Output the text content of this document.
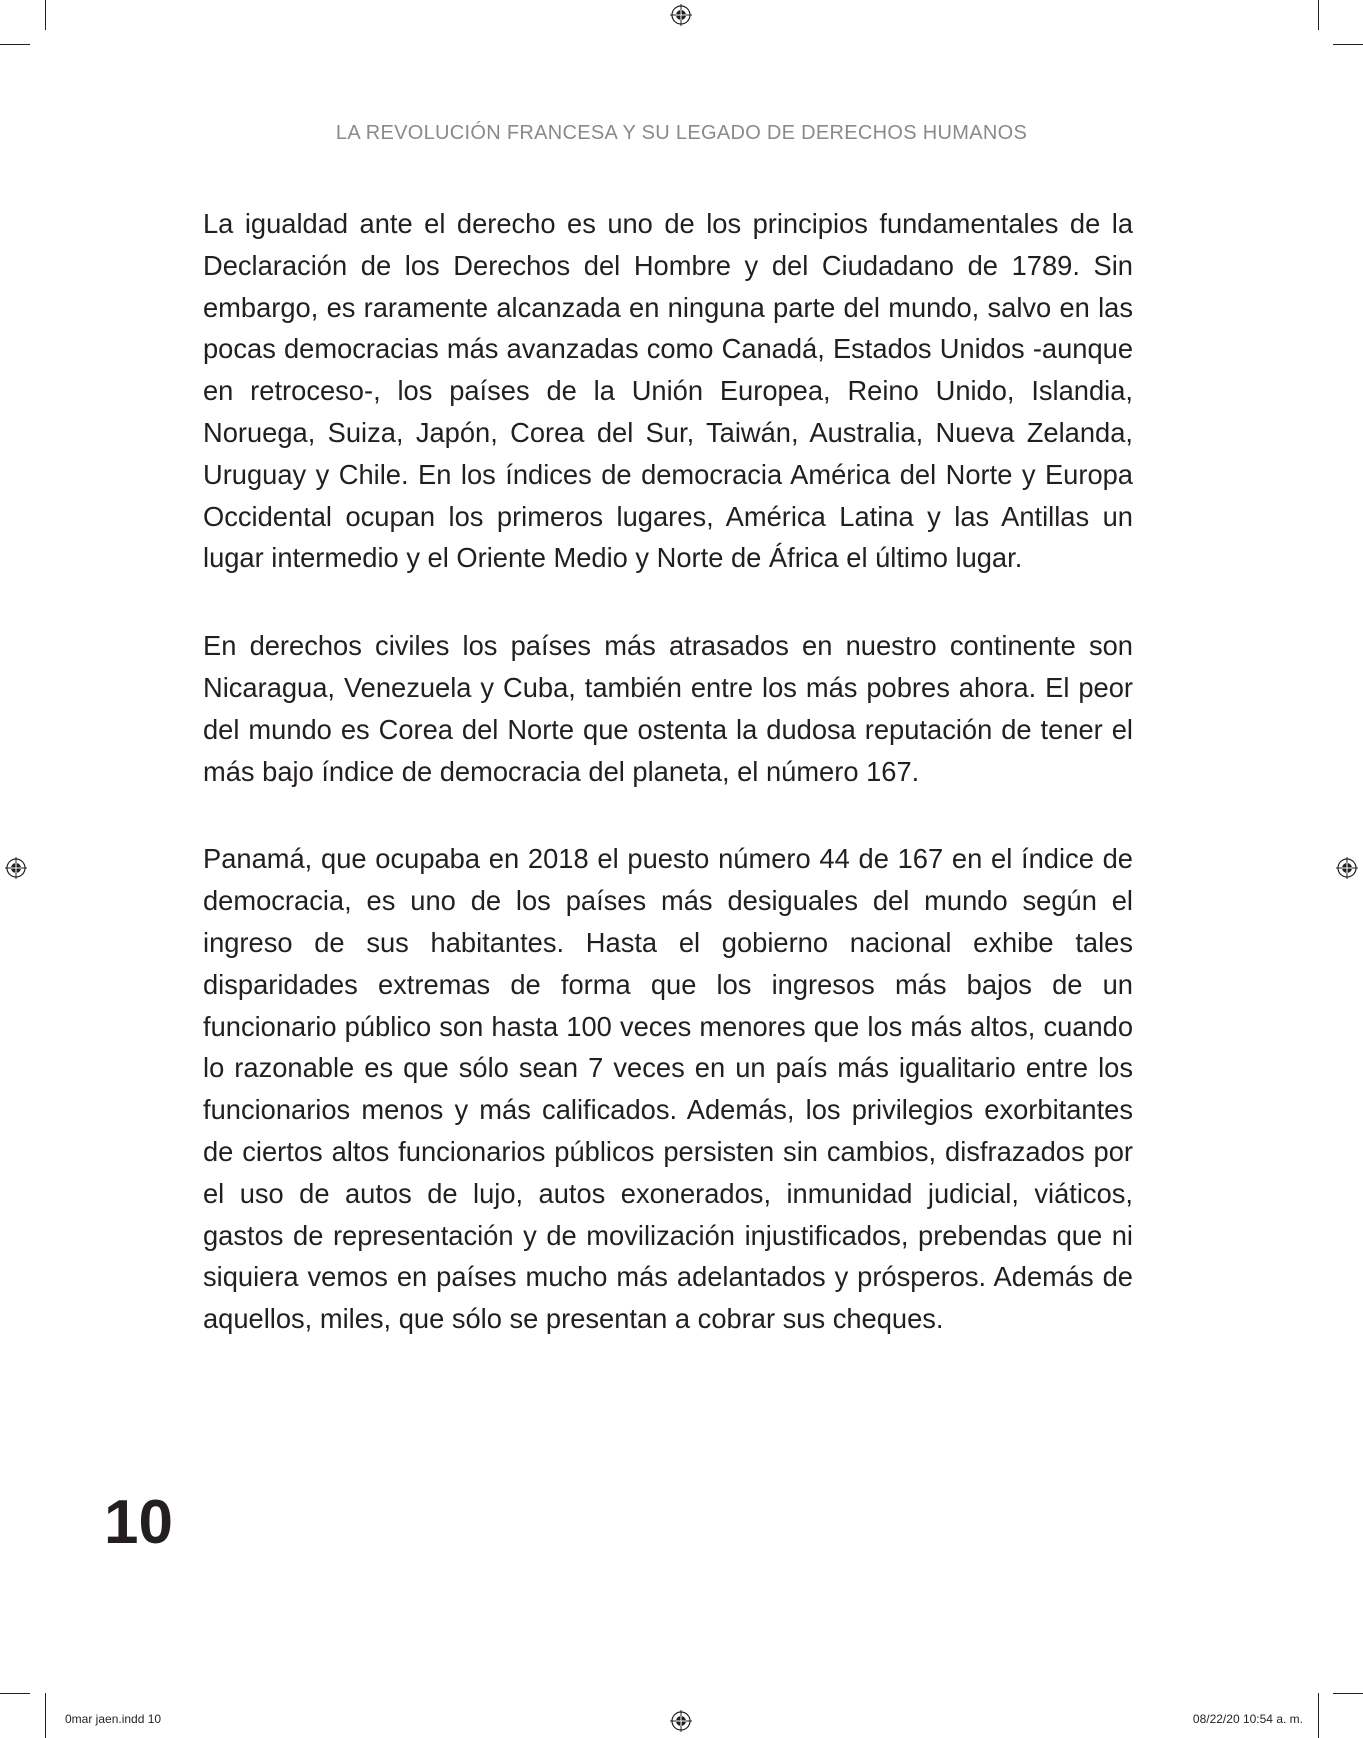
LA REVOLUCIÓN FRANCESA Y SU LEGADO DE DERECHOS HUMANOS

La igualdad ante el derecho es uno de los principios fundamentales de la Declaración de los Derechos del Hombre y del Ciudadano de 1789. Sin embargo, es raramente alcanzada en ninguna parte del mundo, salvo en las pocas democracias más avanzadas como Canadá, Estados Unidos -aunque en retroceso-, los países de la Unión Europea, Reino Unido, Islandia, Noruega, Suiza, Japón, Corea del Sur, Taiwán, Australia, Nueva Zelanda, Uruguay y Chile. En los índices de democracia América del Norte y Europa Occidental ocupan los primeros lugares, América Latina y las Antillas un lugar intermedio y el Oriente Medio y Norte de África el último lugar.

En derechos civiles los países más atrasados en nuestro continente son Nicaragua, Venezuela y Cuba, también entre los más pobres ahora. El peor del mundo es Corea del Norte que ostenta la dudosa reputación de tener el más bajo índice de democracia del planeta, el número 167.

Panamá, que ocupaba en 2018 el puesto número 44 de 167 en el índice de democracia, es uno de los países más desiguales del mundo según el ingreso de sus habitantes. Hasta el gobierno nacional exhibe tales disparidades extremas de forma que los ingresos más bajos de un funcionario público son hasta 100 veces menores que los más altos, cuando lo razonable es que sólo sean 7 veces en un país más igualitario entre los funcionarios menos y más calificados. Además, los privilegios exorbitantes de ciertos altos funcionarios públicos persisten sin cambios, disfrazados por el uso de autos de lujo, autos exonerados, inmunidad judicial, viáticos, gastos de representación y de movilización injustificados, prebendas que ni siquiera vemos en países mucho más adelantados y prósperos. Además de aquellos, miles, que sólo se presentan a cobrar sus cheques.

10
0mar jaen.indd 10	08/22/20 10:54 a. m.
